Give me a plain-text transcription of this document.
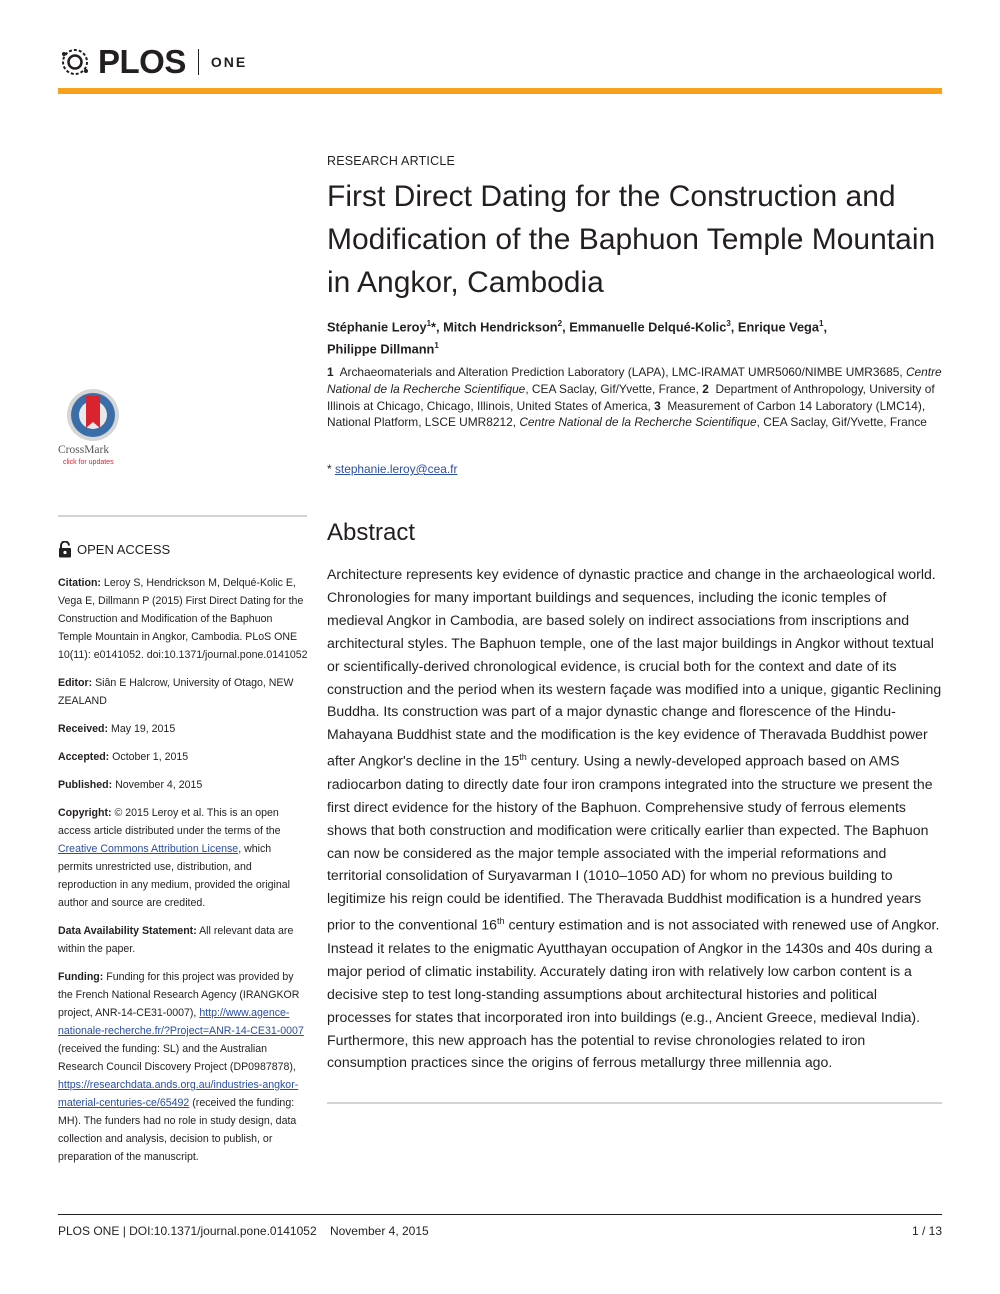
PLOS ONE
RESEARCH ARTICLE
First Direct Dating for the Construction and Modification of the Baphuon Temple Mountain in Angkor, Cambodia
Stéphanie Leroy$^1$*, Mitch Hendrickson$^2$, Emmanuelle Delqué-Kolic$^3$, Enrique Vega$^1$,
Philippe Dillmann$^1$
1 Archaeomaterials and Alteration Prediction Laboratory (LAPA), LMC-IRAMAT UMR5060/NIMBE UMR3685, Centre National de la Recherche Scientifique, CEA Saclay, Gif/Yvette, France, 2 Department of Anthropology, University of Illinois at Chicago, Chicago, Illinois, United States of America, 3 Measurement of Carbon 14 Laboratory (LMC14), National Platform, LSCE UMR8212, Centre National de la Recherche Scientifique, CEA Saclay, Gif/Yvette, France
* stephanie.leroy@cea.fr
Abstract
Architecture represents key evidence of dynastic practice and change in the archaeological world. Chronologies for many important buildings and sequences, including the iconic temples of medieval Angkor in Cambodia, are based solely on indirect associations from inscriptions and architectural styles. The Baphuon temple, one of the last major buildings in Angkor without textual or scientifically-derived chronological evidence, is crucial both for the context and date of its construction and the period when its western façade was modified into a unique, gigantic Reclining Buddha. Its construction was part of a major dynastic change and florescence of the Hindu-Mahayana Buddhist state and the modification is the key evidence of Theravada Buddhist power after Angkor's decline in the 15th century. Using a newly-developed approach based on AMS radiocarbon dating to directly date four iron crampons integrated into the structure we present the first direct evidence for the history of the Baphuon. Comprehensive study of ferrous elements shows that both construction and modification were critically earlier than expected. The Baphuon can now be considered as the major temple associated with the imperial reformations and territorial consolidation of Suryavarman I (1010–1050 AD) for whom no previous building to legitimize his reign could be identified. The Theravada Buddhist modification is a hundred years prior to the conventional 16th century estimation and is not associated with renewed use of Angkor. Instead it relates to the enigmatic Ayutthayan occupation of Angkor in the 1430s and 40s during a major period of climatic instability. Accurately dating iron with relatively low carbon content is a decisive step to test long-standing assumptions about architectural histories and political processes for states that incorporated iron into buildings (e.g., Ancient Greece, medieval India). Furthermore, this new approach has the potential to revise chronologies related to iron consumption practices since the origins of ferrous metallurgy three millennia ago.
CrossMark
click for updates
OPEN ACCESS

Citation: Leroy S, Hendrickson M, Delqué-Kolic E, Vega E, Dillmann P (2015) First Direct Dating for the Construction and Modification of the Baphuon Temple Mountain in Angkor, Cambodia. PLoS ONE 10(11): e0141052. doi:10.1371/journal.pone.0141052

Editor: Siân E Halcrow, University of Otago, NEW ZEALAND

Received: May 19, 2015

Accepted: October 1, 2015

Published: November 4, 2015

Copyright: © 2015 Leroy et al. This is an open access article distributed under the terms of the Creative Commons Attribution License, which permits unrestricted use, distribution, and reproduction in any medium, provided the original author and source are credited.

Data Availability Statement: All relevant data are within the paper.

Funding: Funding for this project was provided by the French National Research Agency (IRANGKOR project, ANR-14-CE31-0007), http://www.agence-nationale-recherche.fr/?Project=ANR-14-CE31-0007 (received the funding: SL) and the Australian Research Council Discovery Project (DP0987878), https://researchdata.ands.org.au/industries-angkor-material-centuries-ce/65492 (received the funding: MH). The funders had no role in study design, data collection and analysis, decision to publish, or preparation of the manuscript.

PLOS ONE | DOI:10.1371/journal.pone.0141052    November 4, 2015	1 / 13
